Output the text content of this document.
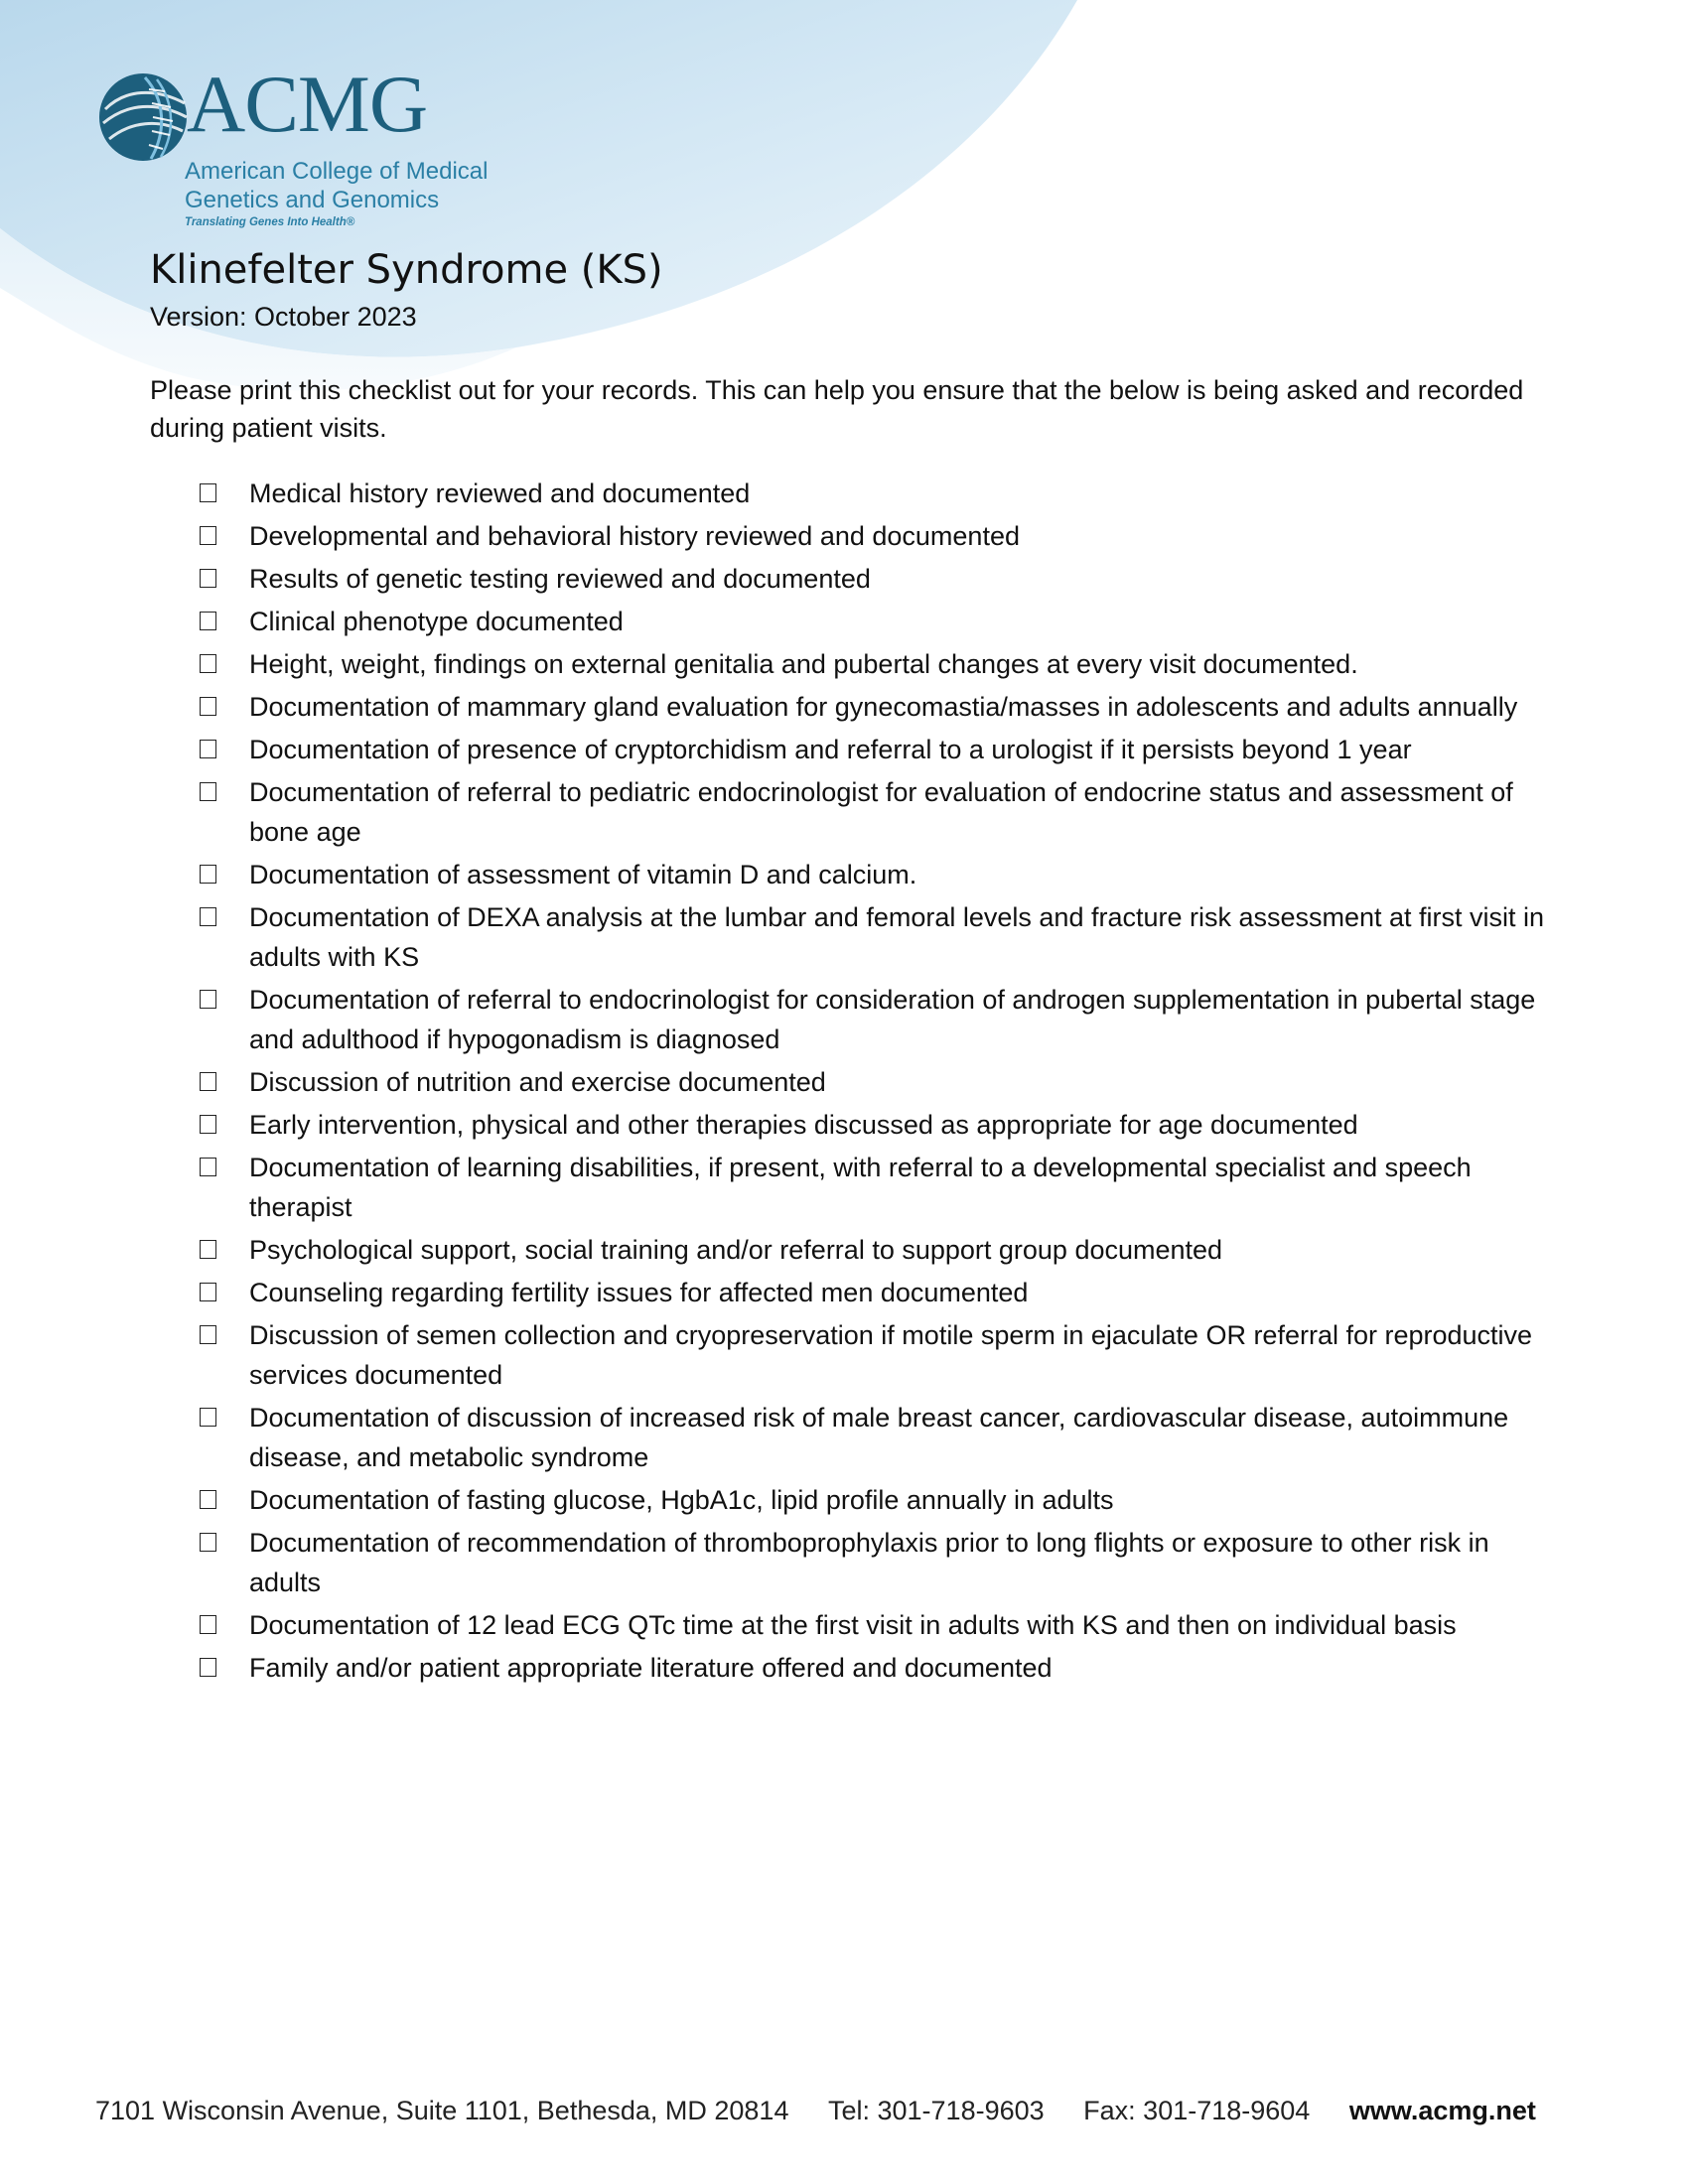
ACMG
American College of Medical
Genetics and Genomics
Translating Genes Into Health®
Klinefelter Syndrome (KS)
Version: October 2023

Please print this checklist out for your records. This can help you ensure that the below is being asked and recorded during patient visits.

Medical history reviewed and documented
Developmental and behavioral history reviewed and documented
Results of genetic testing reviewed and documented
Clinical phenotype documented
Height, weight, findings on external genitalia and pubertal changes at every visit documented.
Documentation of mammary gland evaluation for gynecomastia/masses in adolescents and adults annually
Documentation of presence of cryptorchidism and referral to a urologist if it persists beyond 1 year
Documentation of referral to pediatric endocrinologist for evaluation of endocrine status and assessment of bone age
Documentation of assessment of vitamin D and calcium.
Documentation of DEXA analysis at the lumbar and femoral levels and fracture risk assessment at first visit in adults with KS
Documentation of referral to endocrinologist for consideration of androgen supplementation in pubertal stage and adulthood if hypogonadism is diagnosed
Discussion of nutrition and exercise documented
Early intervention, physical and other therapies discussed as appropriate for age documented
Documentation of learning disabilities, if present, with referral to a developmental specialist and speech therapist
Psychological support, social training and/or referral to support group documented
Counseling regarding fertility issues for affected men documented
Discussion of semen collection and cryopreservation if motile sperm in ejaculate OR referral for reproductive services documented
Documentation of discussion of increased risk of male breast cancer, cardiovascular disease, autoimmune disease, and metabolic syndrome
Documentation of fasting glucose, HgbA1c, lipid profile annually in adults
Documentation of recommendation of thromboprophylaxis prior to long flights or exposure to other risk in adults
Documentation of 12 lead ECG QTc time at the first visit in adults with KS and then on individual basis
Family and/or patient appropriate literature offered and documented
7101 Wisconsin Avenue, Suite 1101, Bethesda, MD 20814 Tel: 301-718-9603 Fax: 301-718-9604 www.acmg.net
